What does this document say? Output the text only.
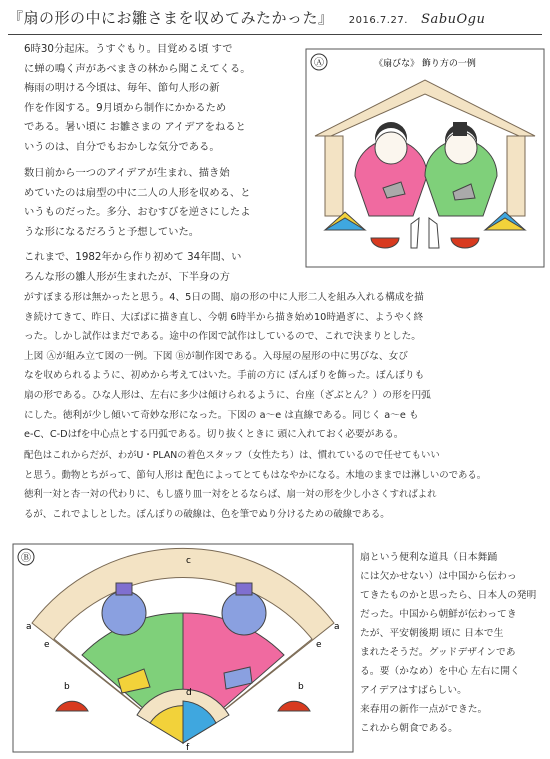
『扇の形の中にお雛さまを収めてみたかった』 2016.7.27. SabuOgu
6時30分起床。うすぐもり。目覚める頃 すで
に蝉の鳴く声があべまきの林から聞こえてくる。
梅雨の明ける今頃は、毎年、節句人形の新
作を作図する。9月頃から制作にかかるため
である。暑い頃に お雛さまの アイデアをねると
いうのは、自分でもおかしな気分である。
数日前から一つのアイデアが生まれ、描き始
めていたのは扇型の中に二人の人形を収める、と
いうものだった。多分、おむすびを逆さにしたよ
うな形になるだろうと予想していた。
これまで、1982年から作り初めて 34年間、い
ろんな形の雛人形が生まれたが、下半身の方
がすぼまる形は無かったと思う。4、5日の間、扇の形の中に人形二人を組み入れる構成を描
き続けてきて、昨日、大ぼばに描き直し、今朝 6時半から描き始め10時過ぎに、ようやく終
った。しかし試作はまだである。途中の作図で試作はしているので、これで決まりとした。
上図 Ⓐが組み立て図の一例。下図 Ⓑが制作図である。入母屋の屋形の中に男びな、女び
なを収められるように、初めから考えてはいた。手前の方に ぼんぼりを飾った。ぼんぼりも
扇の形である。ひな人形は、左右に多少は傾けられるように、台座（ざぶとん？）の形を円弧
にした。徳利が少し傾いて奇妙な形になった。下図の a～e は直線である。同じく a～e も
e-C、C-Dはfを中心点とする円弧である。切り抜くときに 頭に入れておく必要がある。
配色はこれからだが、わがU・PLANの着色スタッフ（女性たち）は、慣れているので任せてもいい
と思う。動物とちがって、節句人形は 配色によってとてもはなやかになる。木地のままでは淋しいのである。
徳利一対と杏一対の代わりに、もし盛り皿一対をとるならば、扇一対の形を少し小さくすればよれ
るが、これでよしとした。ぼんぼりの破線は、色を筆でぬり分けるための破線である。
Ⓐ	《扇びな》 飾り方の一例
Ⓑ
a	a
e	e
b	b
c
d
f
扇という便利な道具（日本舞踊
には欠かせない）は中国から伝わっ
てきたものかと思ったら、日本人の発明
だった。中国から朝鮮が伝わってき
たが、平安朝後期 頃に 日本で生
まれたそうだ。グッドデザインであ
る。要（かなめ）を中心 左右に開く
アイデアはすばらしい。
来春用の新作一点ができた。
これから朝食である。
